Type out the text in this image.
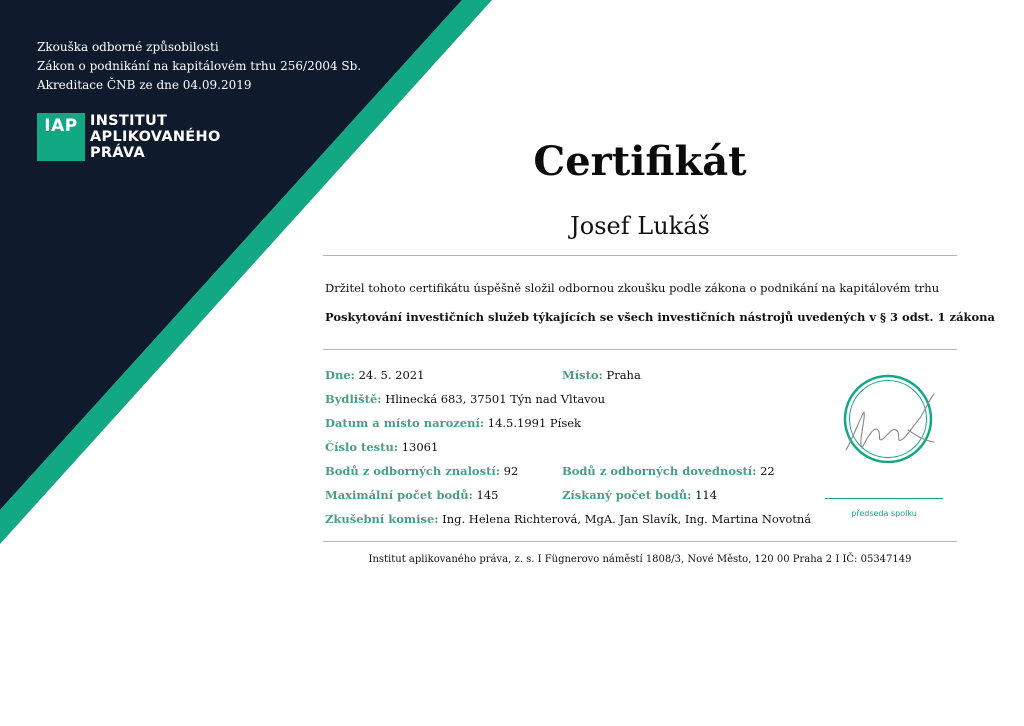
Zkouška odborné způsobilosti
Zákon o podnikání na kapitálovém trhu 256/2004 Sb.
Akreditace ČNB ze dne 04.09.2019
IAP INSTITUT
APLIKOVANÉHO
PRÁVA	Certifikát
Josef Lukáš
Držitel tohoto certifikátu úspěšně složil odbornou zkoušku podle zákona o podnikání na kapitálovém trhu
Poskytování investičních služeb týkajících se všech investičních nástrojů uvedených v § 3 odst. 1 zákona
Dne: 24. 5. 2021	Místo: Praha
Bydliště: Hlinecká 683, 37501 Týn nad Vltavou
Datum a místo narození: 14.5.1991 Písek
Číslo testu: 13061
Bodů z odborných znalostí: 92	Bodů z odborných dovedností: 22
Maximální počet bodů: 145	Získaný počet bodů: 114
Zkušební komise: Ing. Helena Richterová, MgA. Jan Slavík, Ing. Martina Novotná	předseda spolku
Institut aplikovaného práva, z. s. I Fügnerovo náměstí 1808/3, Nové Město, 120 00 Praha 2 I IČ: 05347149
